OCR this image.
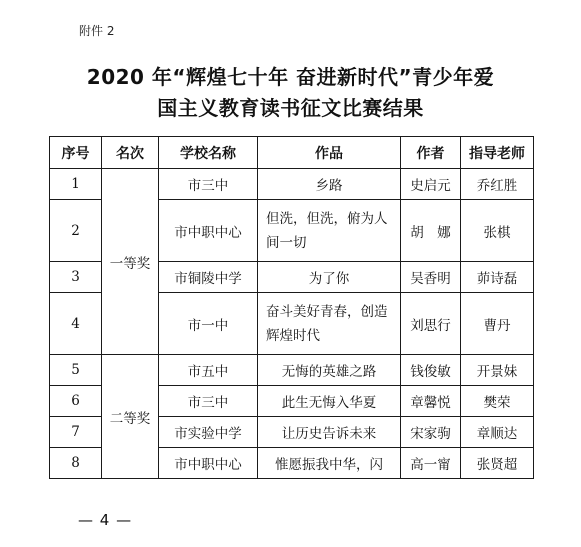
附件 2
2020 年“辉煌七十年 奋进新时代”青少年爱
国主义教育读书征文比赛结果
序号	名次	学校名称	作品	作者	指导老师
1	一等奖	市三中	乡路	史启元	乔红胜
2		市中职中心	但洗，但洗，俯为人间一切	胡　娜	张棋
3		市铜陵中学	为了你	吴香明	茆诗磊
4		市一中	奋斗美好青春，创造辉煌时代	刘思行	曹丹
5	二等奖	市五中	无悔的英雄之路	钱俊敏	开景妹
6		市三中	此生无悔入华夏	章馨悦	樊荣
7		市实验中学	让历史告诉未来	宋家驹	章顺达
8		市中职中心	惟愿振我中华，闪	高一甯	张贤超
— 4 —
